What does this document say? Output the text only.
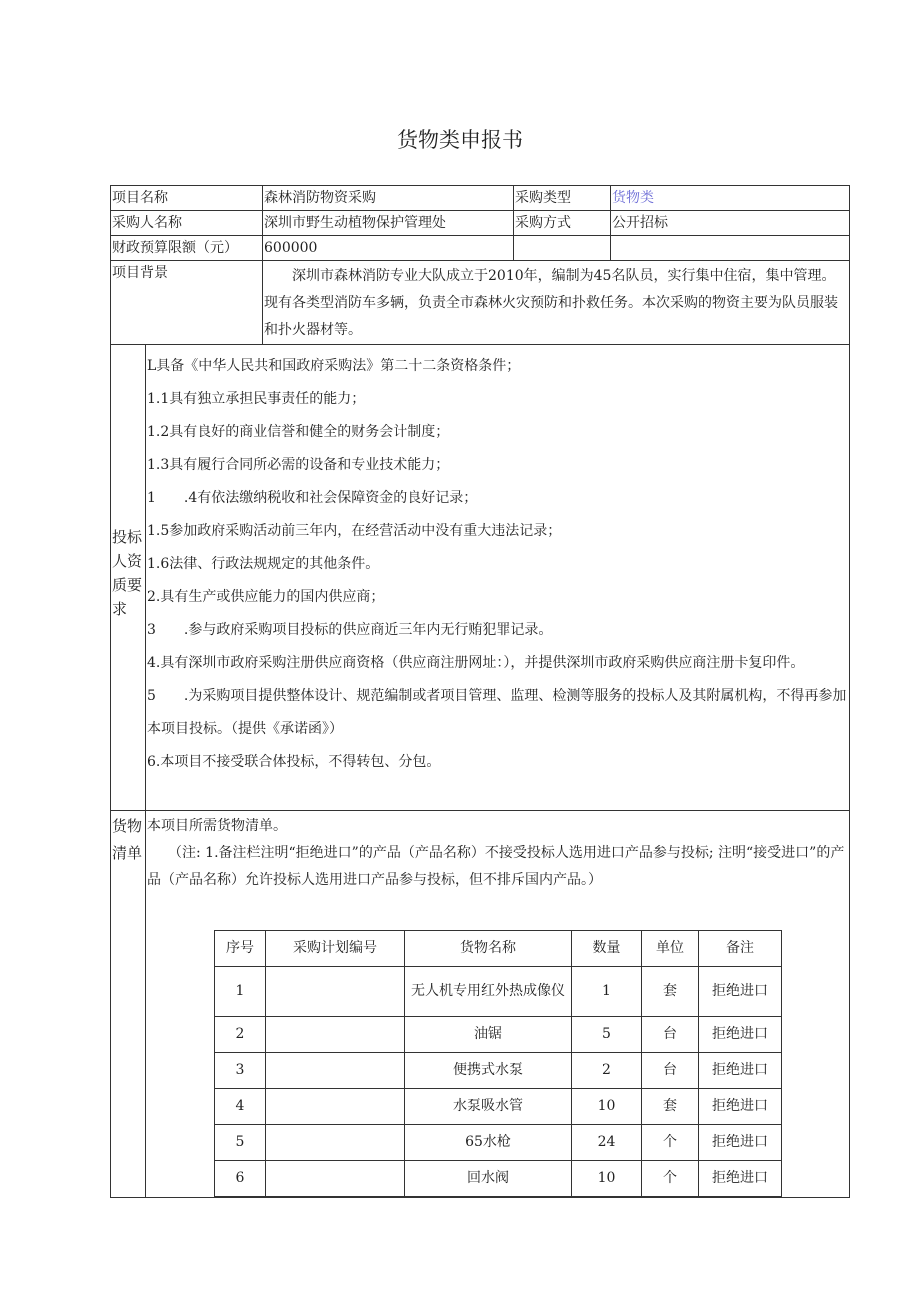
货物类申报书
项目名称	森林消防物资采购	采购类型	货物类
采购人名称	深圳市野生动植物保护管理处	采购方式	公开招标
财政预算限额（元）	600000		
项目背景	深圳市森林消防专业大队成立于2010年，编制为45名队员，实行集中住宿，集中管理。现有各类型消防车多辆，负责全市森林火灾预防和扑救任务。本次采购的物资主要为队员服装和扑火器材等。
投标人资质要求	

L具备《中华人民共和国政府采购法》第二十二条资格条件；

1.1具有独立承担民事责任的能力；

1.2具有良好的商业信誉和健全的财务会计制度；

1.3具有履行合同所必需的设备和专业技术能力；

1　　.4有依法缴纳税收和社会保障资金的良好记录；

1.5参加政府采购活动前三年内，在经营活动中没有重大违法记录；

1.6法律、行政法规规定的其他条件。

2.具有生产或供应能力的国内供应商；

3　　.参与政府采购项目投标的供应商近三年内无行贿犯罪记录。

4.具有深圳市政府采购注册供应商资格（供应商注册网址：），并提供深圳市政府采购供应商注册卡复印件。

5　　.为采购项目提供整体设计、规范编制或者项目管理、监理、检测等服务的投标人及其附属机构，不得再参加本项目投标。（提供《承诺函》）

6.本项目不接受联合体投标，不得转包、分包。

货物清单	
本项目所需货物清单。
（注: 1.备注栏注明“拒绝进口”的产品（产品名称）不接受投标人选用进口产品参与投标; 注明“接受进口”的产品（产品名称）允许投标人选用进口产品参与投标，但不排斥国内产品。）
序号	采购计划编号	货物名称	数量	单位	备注
1		无人机专用红外热成像仪	1	套	拒绝进口
2		油锯	5	台	拒绝进口
3		便携式水泵	2	台	拒绝进口
4		水泵吸水管	10	套	拒绝进口
5		65水枪	24	个	拒绝进口
6		回水阀	10	个	拒绝进口
